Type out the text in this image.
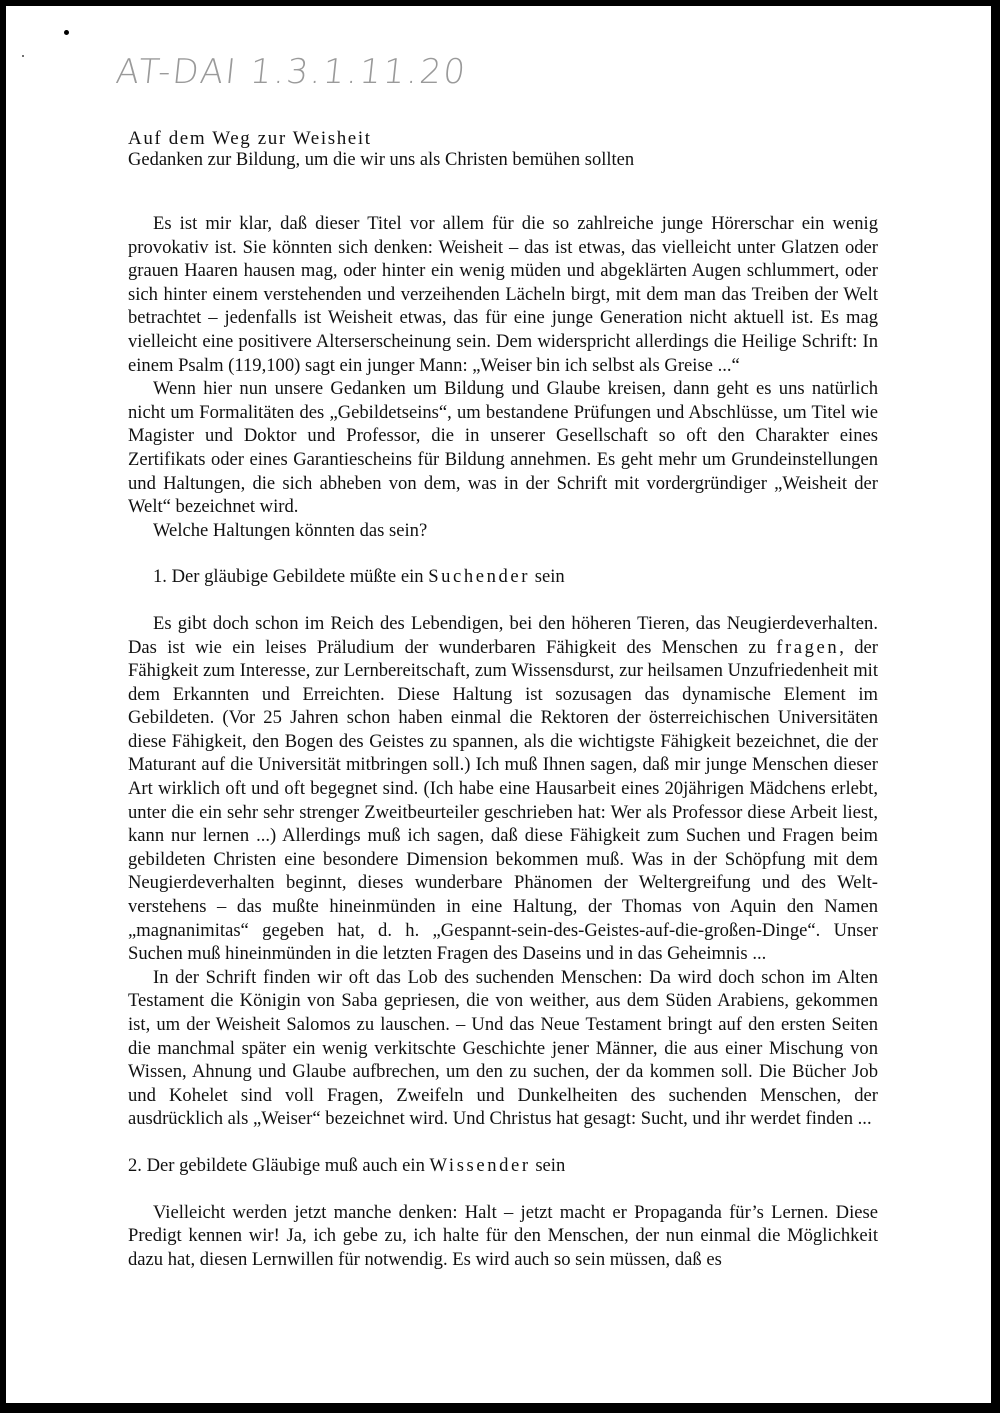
AT-DAI 1.3.1.11.20
Auf dem Weg zur Weisheit
Gedanken zur Bildung, um die wir uns als Christen bemühen sollten

Es ist mir klar, daß dieser Titel vor allem für die so zahlreiche junge Hörerschar ein wenig provokativ ist. Sie könnten sich denken: Weisheit – das ist etwas, das vielleicht unter Glatzen oder grauen Haaren hausen mag, oder hinter ein wenig müden und abgeklärten Augen schlummert, oder sich hinter einem verstehenden und verzeihenden Lächeln birgt, mit dem man das Treiben der Welt betrachtet – jedenfalls ist Weisheit etwas, das für eine junge Generation nicht aktuell ist. Es mag vielleicht eine positivere Alterserscheinung sein. Dem widerspricht allerdings die Heilige Schrift: In einem Psalm (119,100) sagt ein junger Mann: „Weiser bin ich selbst als Greise ...“

Wenn hier nun unsere Gedanken um Bildung und Glaube kreisen, dann geht es uns natürlich nicht um Formalitäten des „Gebildetseins“, um bestandene Prüfungen und Abschlüsse, um Titel wie Magister und Doktor und Professor, die in unserer Gesellschaft so oft den Charakter eines Zertifikats oder eines Garantiescheins für Bildung annehmen. Es geht mehr um Grundeinstellungen und Haltungen, die sich abheben von dem, was in der Schrift mit vordergründiger „Weisheit der Welt“ bezeichnet wird.

Welche Haltungen könnten das sein?

1. Der gläubige Gebildete müßte ein Suchender sein

Es gibt doch schon im Reich des Lebendigen, bei den höheren Tieren, das Neugierdeverhalten. Das ist wie ein leises Präludium der wunderbaren Fähigkeit des Menschen zu fragen, der Fähigkeit zum Interesse, zur Lernbereitschaft, zum Wissensdurst, zur heilsamen Unzufriedenheit mit dem Erkannten und Erreichten. Diese Haltung ist sozusagen das dynamische Element im Gebildeten. (Vor 25 Jahren schon haben einmal die Rektoren der österreichischen Universitäten diese Fähigkeit, den Bogen des Geistes zu spannen, als die wichtigste Fähigkeit bezeichnet, die der Maturant auf die Universität mitbringen soll.) Ich muß Ihnen sagen, daß mir junge Menschen dieser Art wirklich oft und oft begegnet sind. (Ich habe eine Hausarbeit eines 20jährigen Mädchens erlebt, unter die ein sehr sehr strenger Zweitbeurteiler geschrieben hat: Wer als Professor diese Arbeit liest, kann nur lernen ...) Allerdings muß ich sagen, daß diese Fähigkeit zum Suchen und Fragen beim gebildeten Christen eine besondere Dimension bekommen muß. Was in der Schöpfung mit dem Neugierdeverhalten beginnt, dieses wunderbare Phänomen der Weltergreifung und des Weltverstehens – das mußte hineinmünden in eine Haltung, der Thomas von Aquin den Namen „magnanimitas“ gegeben hat, d. h. „Gespannt-sein-des-Geistes-auf-die-großen-Dinge“. Unser Suchen muß hineinmünden in die letzten Fragen des Daseins und in das Geheimnis ...

In der Schrift finden wir oft das Lob des suchenden Menschen: Da wird doch schon im Alten Testament die Königin von Saba gepriesen, die von weither, aus dem Süden Arabiens, gekommen ist, um der Weisheit Salomos zu lauschen. – Und das Neue Testament bringt auf den ersten Seiten die manchmal später ein wenig verkitschte Geschichte jener Männer, die aus einer Mischung von Wissen, Ahnung und Glaube aufbrechen, um den zu suchen, der da kommen soll. Die Bücher Job und Kohelet sind voll Fragen, Zweifeln und Dunkelheiten des suchenden Menschen, der ausdrücklich als „Weiser“ bezeichnet wird. Und Christus hat gesagt: Sucht, und ihr werdet finden ...

2. Der gebildete Gläubige muß auch ein Wissender sein

Vielleicht werden jetzt manche denken: Halt – jetzt macht er Propaganda für’s Lernen. Diese Predigt kennen wir! Ja, ich gebe zu, ich halte für den Menschen, der nun einmal die Möglichkeit dazu hat, diesen Lernwillen für notwendig. Es wird auch so sein müssen, daß es
